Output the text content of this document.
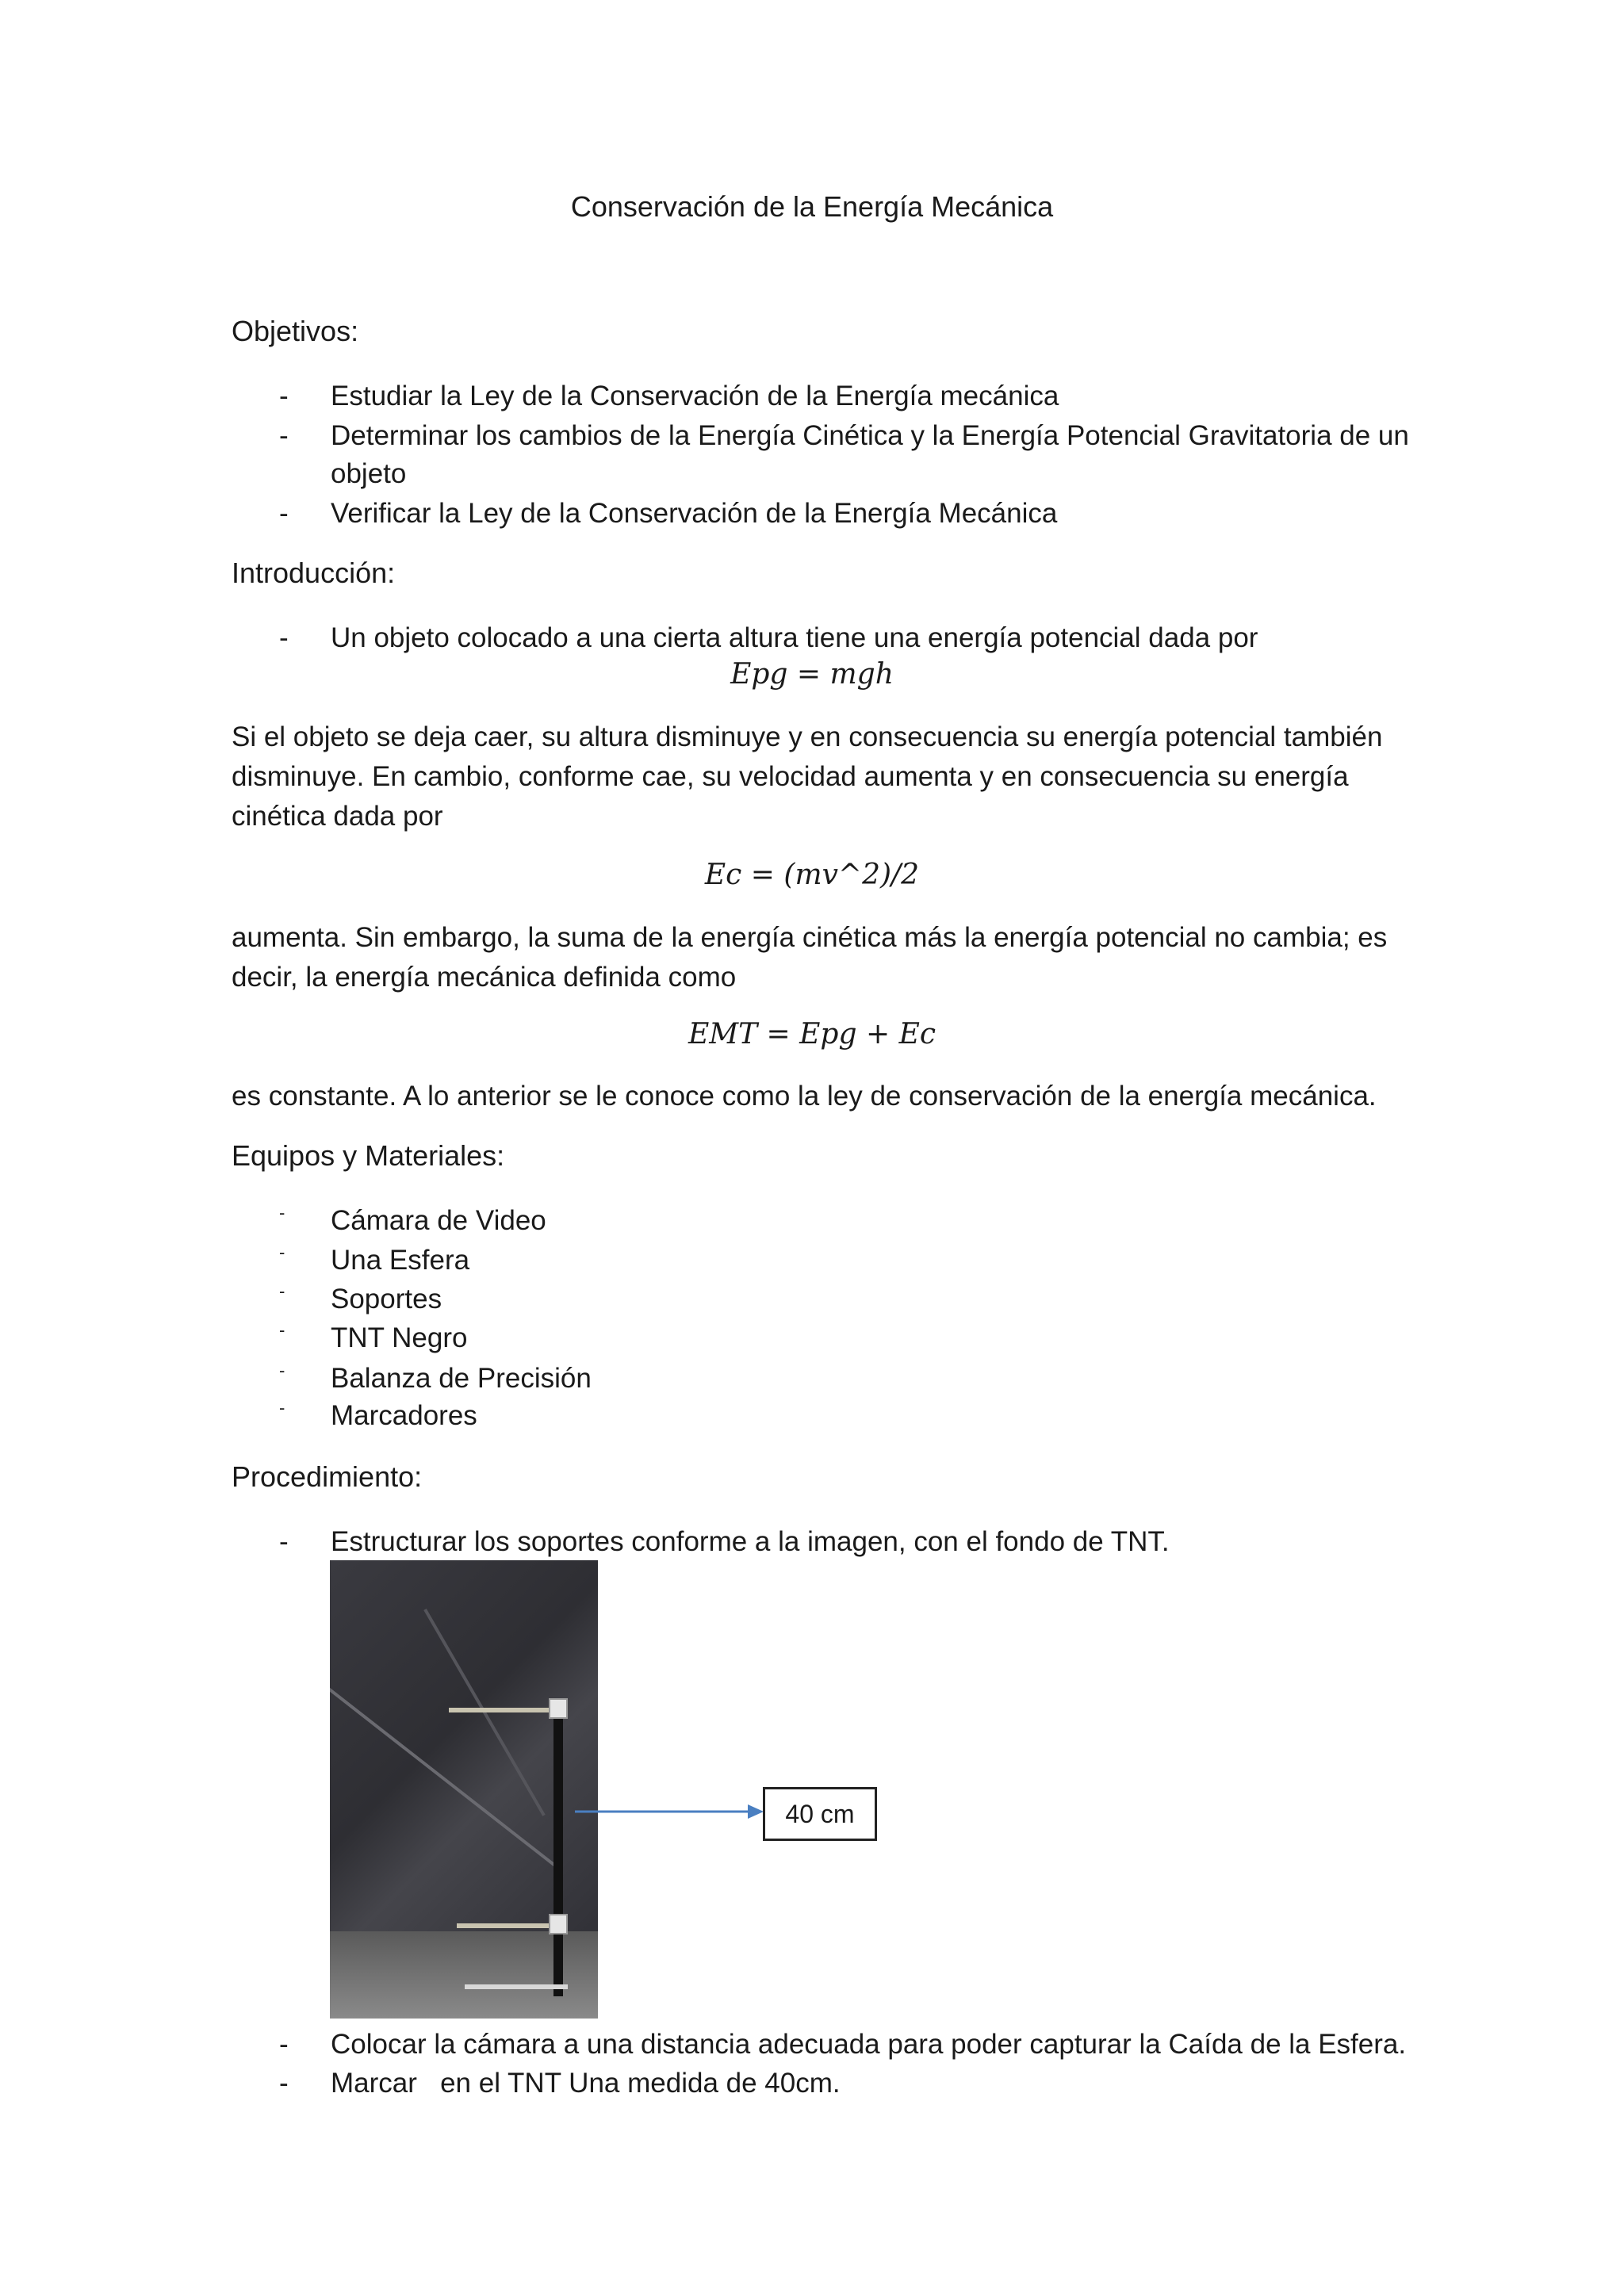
Conservación de la Energía Mecánica
Objetivos:
- Estudiar la Ley de la Conservación de la Energía mecánica
- Determinar los cambios de la Energía Cinética y la Energía Potencial Gravitatoria de un objeto
- Verificar la Ley de la Conservación de la Energía Mecánica
Introducción:
- Un objeto colocado a una cierta altura tiene una energía potencial dada por
Epg = mgh
Si el objeto se deja caer, su altura disminuye y en consecuencia su energía potencial también disminuye. En cambio, conforme cae, su velocidad aumenta y en consecuencia su energía cinética dada por
Ec = (mv^2)/2
aumenta. Sin embargo, la suma de la energía cinética más la energía potencial no cambia; es decir, la energía mecánica definida como
EMT = Epg + Ec
es constante. A lo anterior se le conoce como la ley de conservación de la energía mecánica.
Equipos y Materiales:
- Cámara de Video
- Una Esfera
- Soportes
- TNT Negro
- Balanza de Precisión
- Marcadores
Procedimiento:
- Estructurar los soportes conforme a la imagen, con el fondo de TNT.
40 cm
- Colocar la cámara a una distancia adecuada para poder capturar la Caída de la Esfera.
- Marcar   en el TNT Una medida de 40cm.
